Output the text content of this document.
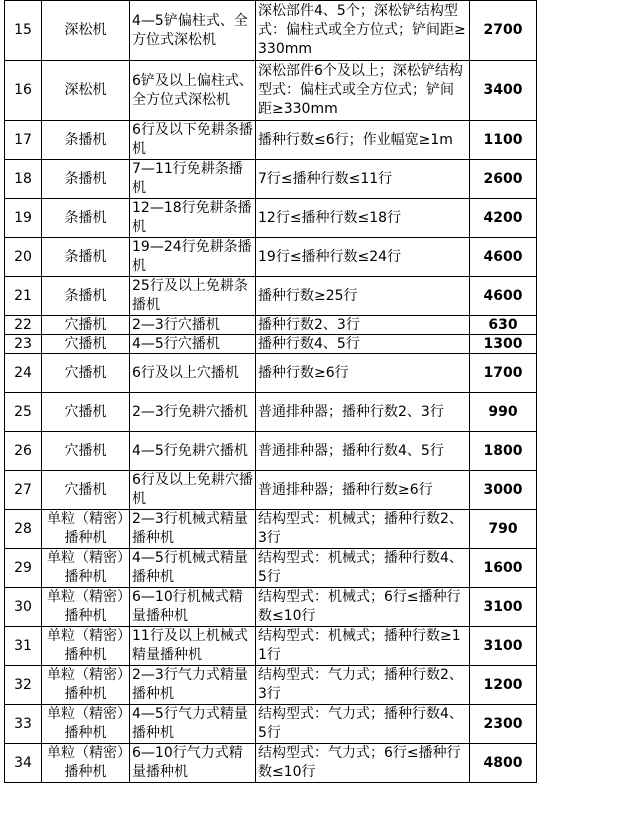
15	深松机	4—5铲偏柱式、全方位式深松机	深松部件4、5个；深松铲结构型式：偏柱式或全方位式；铲间距≥330mm	2700
16	深松机	6铲及以上偏柱式、全方位式深松机	深松部件6个及以上；深松铲结构型式：偏柱式或全方位式；铲间距≥330mm	3400
17	条播机	6行及以下免耕条播机	播种行数≤6行；作业幅宽≥1m	1100
18	条播机	7—11行免耕条播机	7行≤播种行数≤11行	2600
19	条播机	12—18行免耕条播机	12行≤播种行数≤18行	4200
20	条播机	19—24行免耕条播机	19行≤播种行数≤24行	4600
21	条播机	25行及以上免耕条播机	播种行数≥25行	4600
22	穴播机	2—3行穴播机	播种行数2、3行	630
23	穴播机	4—5行穴播机	播种行数4、5行	1300
24	穴播机	6行及以上穴播机	播种行数≥6行	1700
25	穴播机	2—3行免耕穴播机	普通排种器；播种行数2、3行	990
26	穴播机	4—5行免耕穴播机	普通排种器；播种行数4、5行	1800
27	穴播机	6行及以上免耕穴播机	普通排种器；播种行数≥6行	3000
28	单粒（精密）播种机	2—3行机械式精量播种机	结构型式：机械式；播种行数2、3行	790
29	单粒（精密）播种机	4—5行机械式精量播种机	结构型式：机械式；播种行数4、5行	1600
30	单粒（精密）播种机	6—10行机械式精量播种机	结构型式：机械式；6行≤播种行数≤10行	3100
31	单粒（精密）播种机	11行及以上机械式精量播种机	结构型式：机械式；播种行数≥11行	3100
32	单粒（精密）播种机	2—3行气力式精量播种机	结构型式：气力式；播种行数2、3行	1200
33	单粒（精密）播种机	4—5行气力式精量播种机	结构型式：气力式；播种行数4、5行	2300
34	单粒（精密）播种机	6—10行气力式精量播种机	结构型式：气力式；6行≤播种行数≤10行	4800
